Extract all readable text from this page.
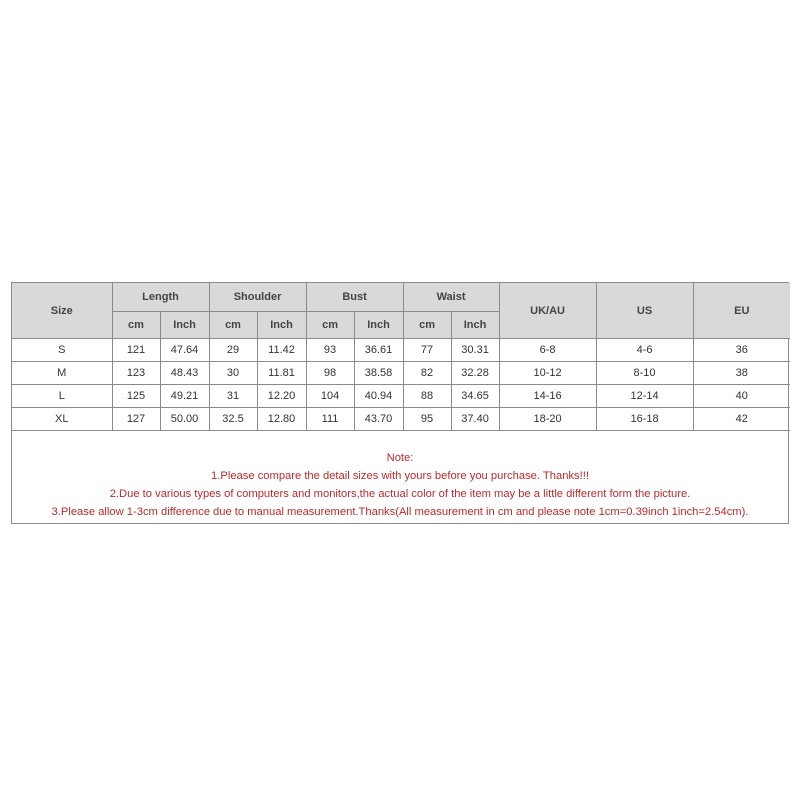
Size	Length		Shoulder		Bust		Waist		UK/AU	US	EU
	cm	Inch	cm	Inch	cm	Inch	cm	Inch			
S	121	47.64	29	11.42	93	36.61	77	30.31	6-8	4-6	36
M	123	48.43	30	11.81	98	38.58	82	32.28	10-12	8-10	38
L	125	49.21	31	12.20	104	40.94	88	34.65	14-16	12-14	40
XL	127	50.00	32.5	12.80	111	43.70	95	37.40	18-20	16-18	42
Note:
1.Please compare the detail sizes with yours before you purchase. Thanks!!!
2.Due to various types of computers and monitors,the actual color of the item may be a little different form the picture.
3.Please allow 1-3cm difference due to manual measurement.Thanks(All measurement in cm and please note 1cm=0.39inch 1inch=2.54cm).
